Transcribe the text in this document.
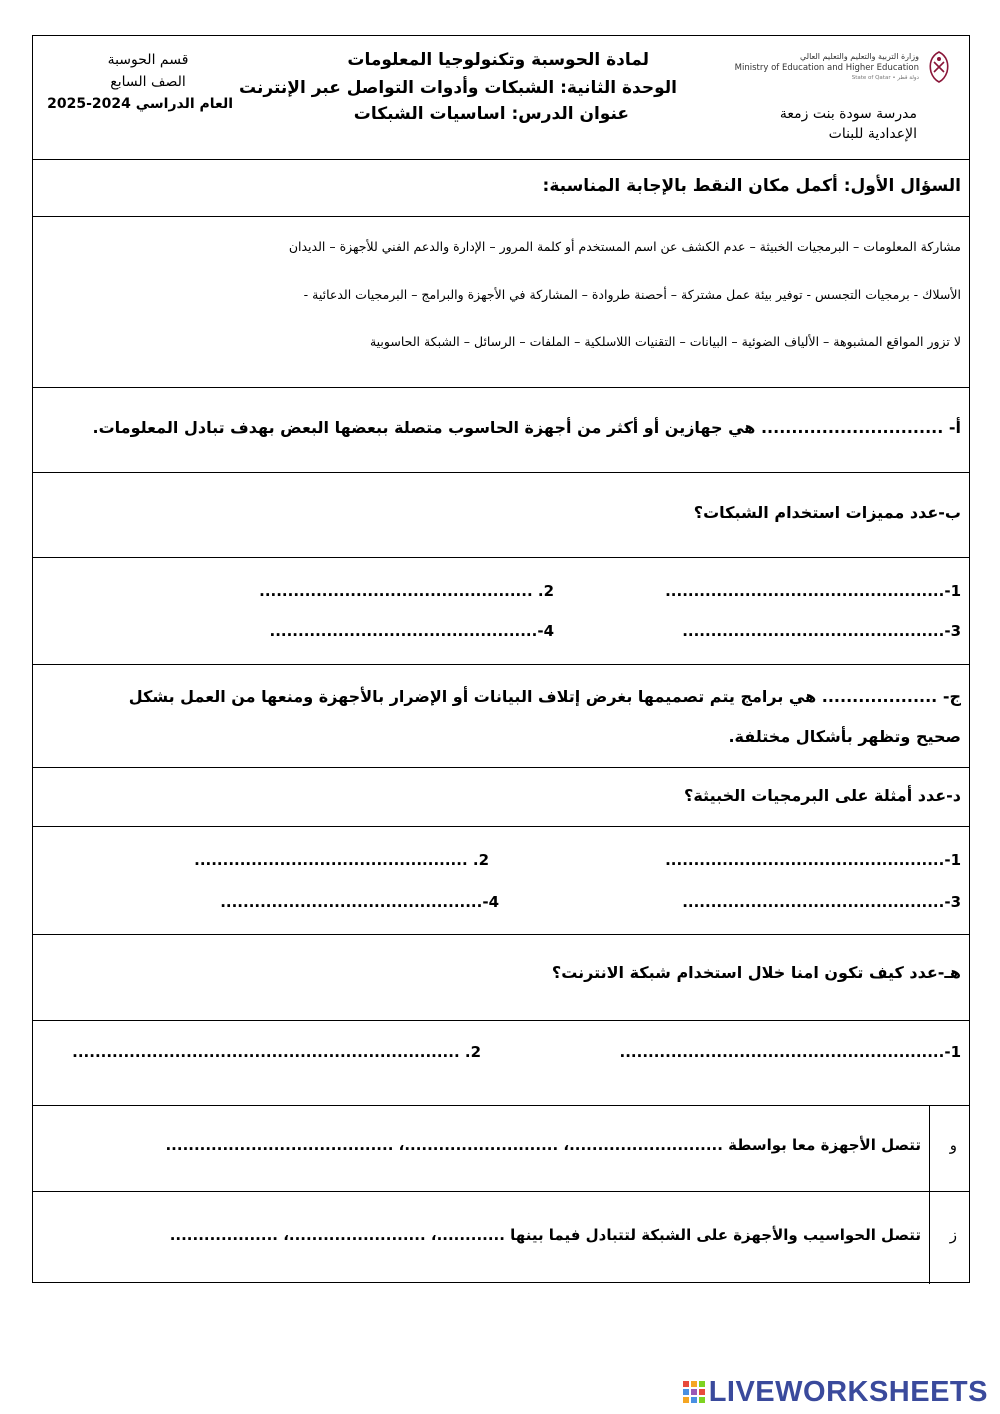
وزارة التربية والتعليم والتعليم العالي
Ministry of Education and Higher Education
State of Qatar • دولة قطر
مدرسة سودة بنت زمعة
الإعدادية للبنات
لمادة الحوسبة وتكنولوجيا المعلومات
الوحدة الثانية: الشبكات وأدوات التواصل عبر الإنترنت
عنوان الدرس: اساسيات الشبكات
قسم الحوسبة
الصف السابع
العام الدراسي 2024-2025
السؤال الأول: أكمل مكان النقط بالإجابة المناسبة:
مشاركة المعلومات – البرمجيات الخبيثة – عدم الكشف عن اسم المستخدم أو كلمة المرور – الإدارة والدعم الفني للأجهزة – الديدان
الأسلاك - برمجيات التجسس - توفير بيئة عمل مشتركة – أحصنة طروادة – المشاركة في الأجهزة والبرامج – البرمجيات الدعائية -
لا تزور المواقع المشبوهة – الألياف الضوئية – البيانات – التقنيات اللاسلكية – الملفات – الرسائل – الشبكة الحاسوبية
أ- .............................. هي جهازين أو أكثر من أجهزة الحاسوب متصلة ببعضها البعض بهدف تبادل المعلومات.
ب-عدد مميزات استخدام الشبكات؟
1-.................................................
2. ................................................
3-..............................................
4-...............................................
ج- ................... هي برامج يتم تصميمها بغرض إتلاف البيانات أو الإضرار بالأجهزة ومنعها من العمل بشكل
صحيح وتظهر بأشكال مختلفة.
د-عدد أمثلة على البرمجيات الخبيثة؟
1-.................................................
2. ................................................
3-..............................................
4-..............................................
هـ-عدد كيف تكون امنا خلال استخدام شبكة الانترنت؟
1-.........................................................
2. ....................................................................
و
تتصل الأجهزة معا بواسطة ...........................، ...........................، ........................................
ز
تتصل الحواسيب والأجهزة على الشبكة لتتبادل فيما بينها ............، ........................، ...................
LIVEWORKSHEETS
